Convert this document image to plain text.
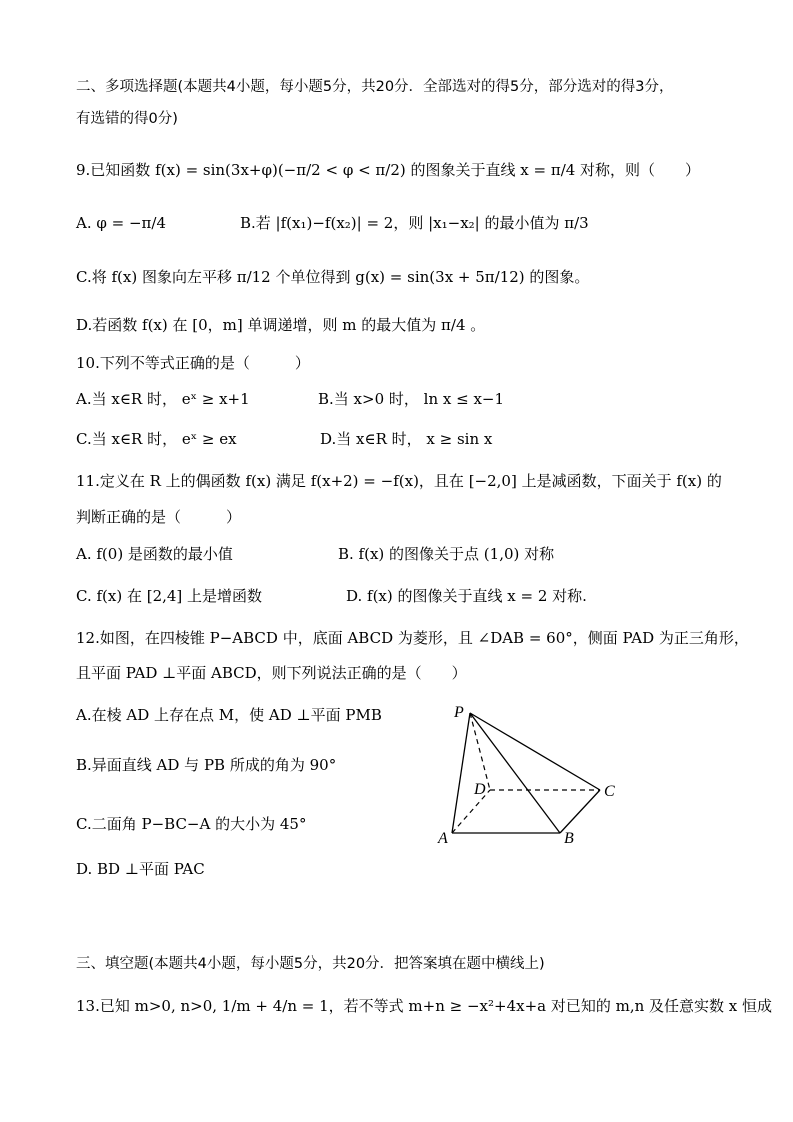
二、多项选择题(本题共4小题，每小题5分，共20分．全部选对的得5分，部分选对的得3分，
有选错的得0分)
9.已知函数 f(x) = sin(3x+φ)(−π/2 < φ < π/2) 的图象关于直线 x = π/4 对称，则（　　）
A. φ = −π/4	B.若 |f(x₁)−f(x₂)| = 2，则 |x₁−x₂| 的最小值为 π/3
C.将 f(x) 图象向左平移 π/12 个单位得到 g(x) = sin(3x + 5π/12) 的图象。
D.若函数 f(x) 在 [0，m] 单调递增，则 m 的最大值为 π/4 。
10.下列不等式正确的是（　　　）
A.当 x∈R 时， eˣ ≥ x+1	B.当 x>0 时， ln x ≤ x−1
C.当 x∈R 时， eˣ ≥ ex	D.当 x∈R 时， x ≥ sin x
11.定义在 R 上的偶函数 f(x) 满足 f(x+2) = −f(x)，且在 [−2,0] 上是减函数，下面关于 f(x) 的
判断正确的是（　　　）
A. f(0) 是函数的最小值	B. f(x) 的图像关于点 (1,0) 对称
C. f(x) 在 [2,4] 上是增函数	D. f(x) 的图像关于直线 x = 2 对称.
12.如图，在四棱锥 P−ABCD 中，底面 ABCD 为菱形，且 ∠DAB = 60°，侧面 PAD 为正三角形，
且平面 PAD ⊥平面 ABCD，则下列说法正确的是（　　）
A.在棱 AD 上存在点 M，使 AD ⊥平面 PMB
B.异面直线 AD 与 PB 所成的角为 90°
C.二面角 P−BC−A 的大小为 45°
D. BD ⊥平面 PAC
P
D	C
A	B
三、填空题(本题共4小题，每小题5分，共20分．把答案填在题中横线上)
13.已知 m>0, n>0, 1/m + 4/n = 1，若不等式 m+n ≥ −x²+4x+a 对已知的 m,n 及任意实数 x 恒成
